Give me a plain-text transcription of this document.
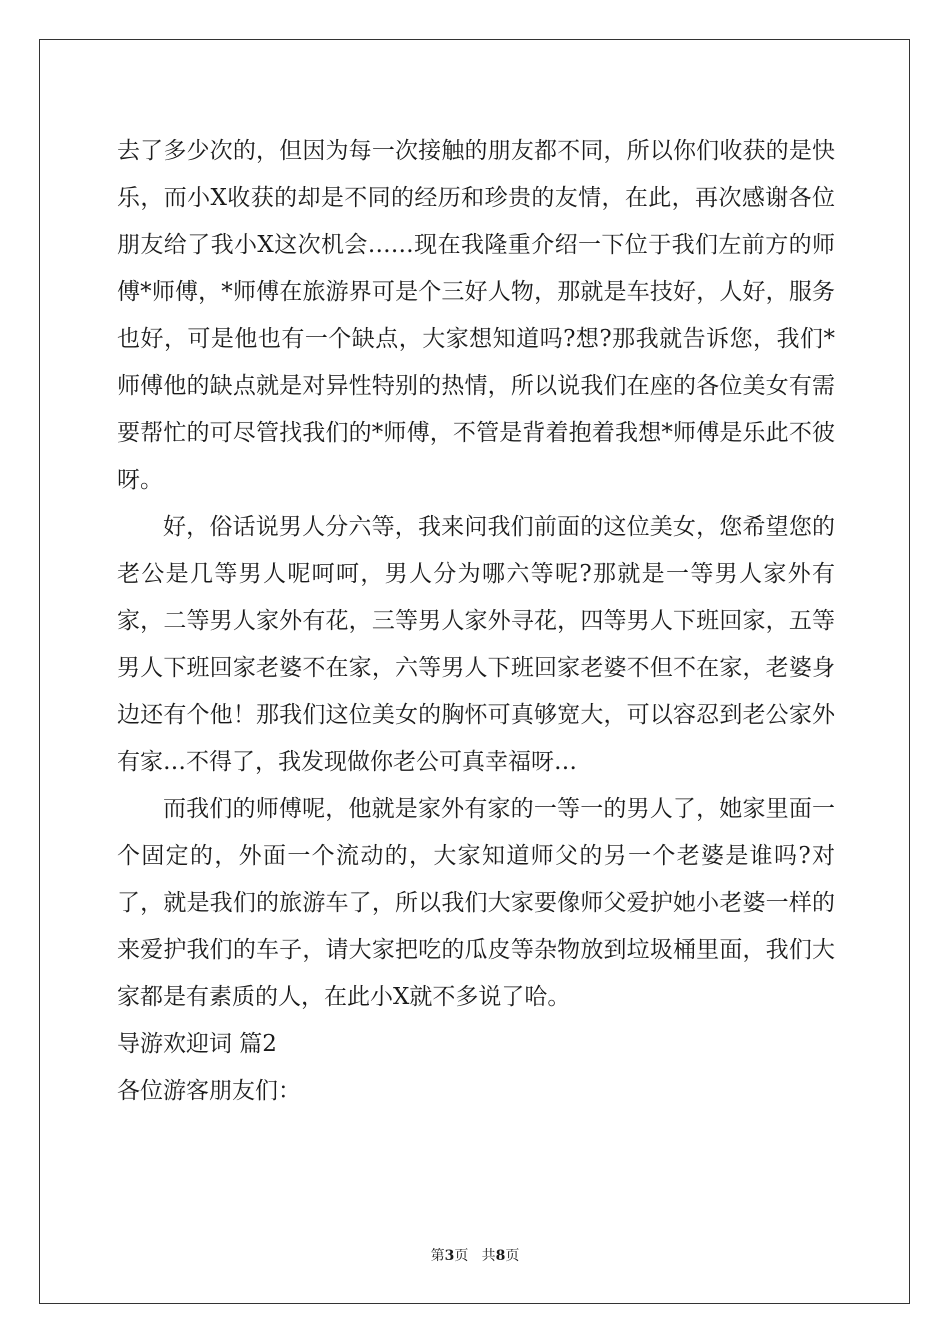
去了多少次的，但因为每一次接触的朋友都不同，所以你们收获的是快乐，而小X收获的却是不同的经历和珍贵的友情，在此，再次感谢各位朋友给了我小X这次机会……现在我隆重介绍一下位于我们左前方的师傅*师傅，*师傅在旅游界可是个三好人物，那就是车技好，人好，服务也好，可是他也有一个缺点，大家想知道吗?想?那我就告诉您，我们*师傅他的缺点就是对异性特别的热情，所以说我们在座的各位美女有需要帮忙的可尽管找我们的*师傅，不管是背着抱着我想*师傅是乐此不彼呀。

好，俗话说男人分六等，我来问我们前面的这位美女，您希望您的老公是几等男人呢呵呵，男人分为哪六等呢?那就是一等男人家外有家，二等男人家外有花，三等男人家外寻花，四等男人下班回家，五等男人下班回家老婆不在家，六等男人下班回家老婆不但不在家，老婆身边还有个他！那我们这位美女的胸怀可真够宽大，可以容忍到老公家外有家…不得了，我发现做你老公可真幸福呀…

而我们的师傅呢，他就是家外有家的一等一的男人了，她家里面一个固定的，外面一个流动的，大家知道师父的另一个老婆是谁吗?对了，就是我们的旅游车了，所以我们大家要像师父爱护她小老婆一样的来爱护我们的车子，请大家把吃的瓜皮等杂物放到垃圾桶里面，我们大家都是有素质的人，在此小X就不多说了哈。

导游欢迎词 篇2

各位游客朋友们：

第3页 共8页
